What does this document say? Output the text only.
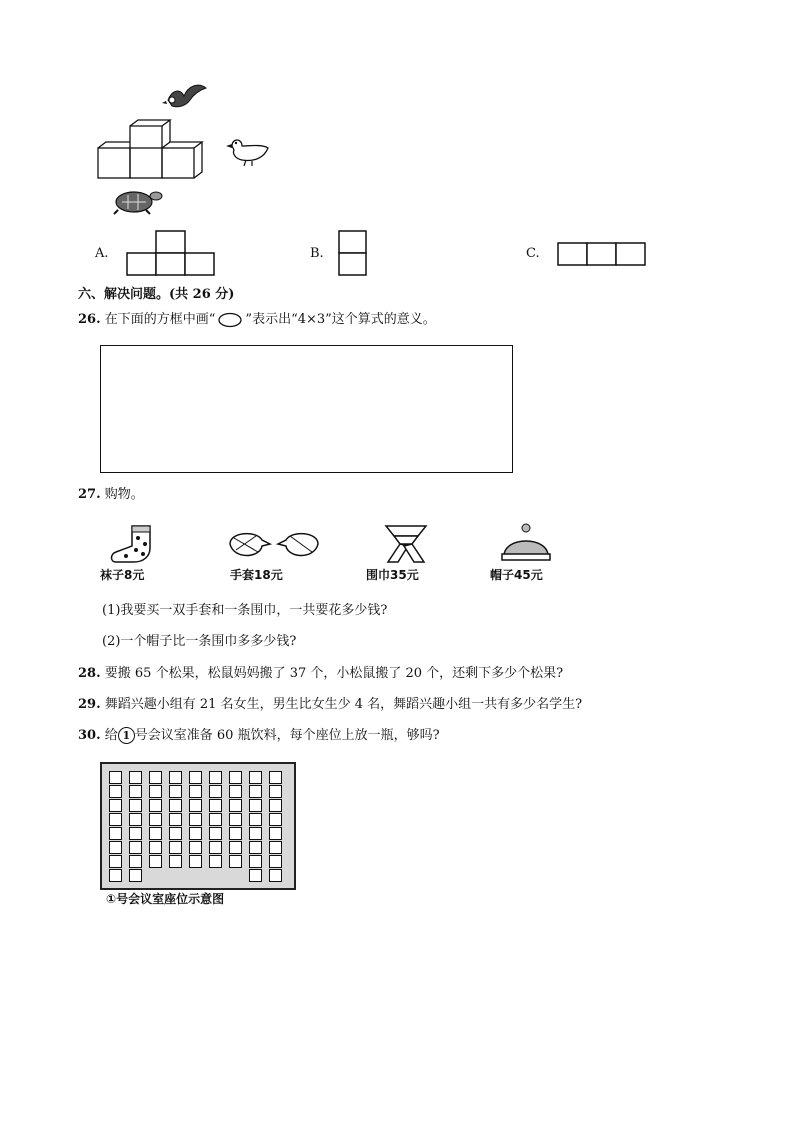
A.	B.	C.
六、解决问题。(共 26 分)
26. 在下面的方框中画“ ”表示出“4×3”这个算式的意义。
27. 购物。
袜子8元	手套18元	围巾35元	帽子45元
(1)我要买一双手套和一条围巾，一共要花多少钱?
(2)一个帽子比一条围巾多多少钱?
28. 要搬 65 个松果，松鼠妈妈搬了 37 个，小松鼠搬了 20 个，还剩下多少个松果?
29. 舞蹈兴趣小组有 21 名女生，男生比女生少 4 名，舞蹈兴趣小组一共有多少名学生?
30. 给 1 号会议室准备 60 瓶饮料，每个座位上放一瓶，够吗?
①号会议室座位示意图
